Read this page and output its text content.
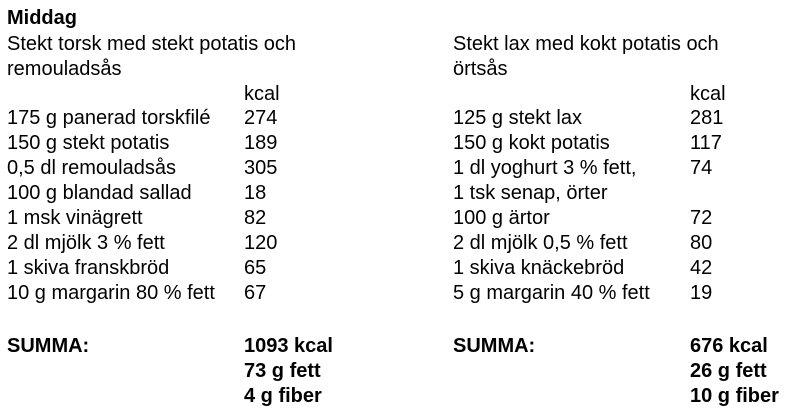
Middag
Stekt torsk med stekt potatis och
remouladsås
kcal
175 g panerad torskfilé 274
150 g stekt potatis	189
0,5 dl remouladsås	305
100 g blandad sallad	18
1 msk vinägrett	82
2 dl mjölk 3 % fett	120
1 skiva franskbröd	65
10 g margarin 80 % fett 67
SUMMA:	1093 kcal
73 g fett
4 g fiber
Stekt lax med kokt potatis och
örtsås
kcal
125 g stekt lax	281
150 g kokt potatis	117
1 dl yoghurt 3 % fett,	74
1 tsk senap, örter
100 g ärtor	72
2 dl mjölk 0,5 % fett	80
1 skiva knäckebröd	42
5 g margarin 40 % fett 19
SUMMA:	676 kcal
26 g fett
10 g fiber
